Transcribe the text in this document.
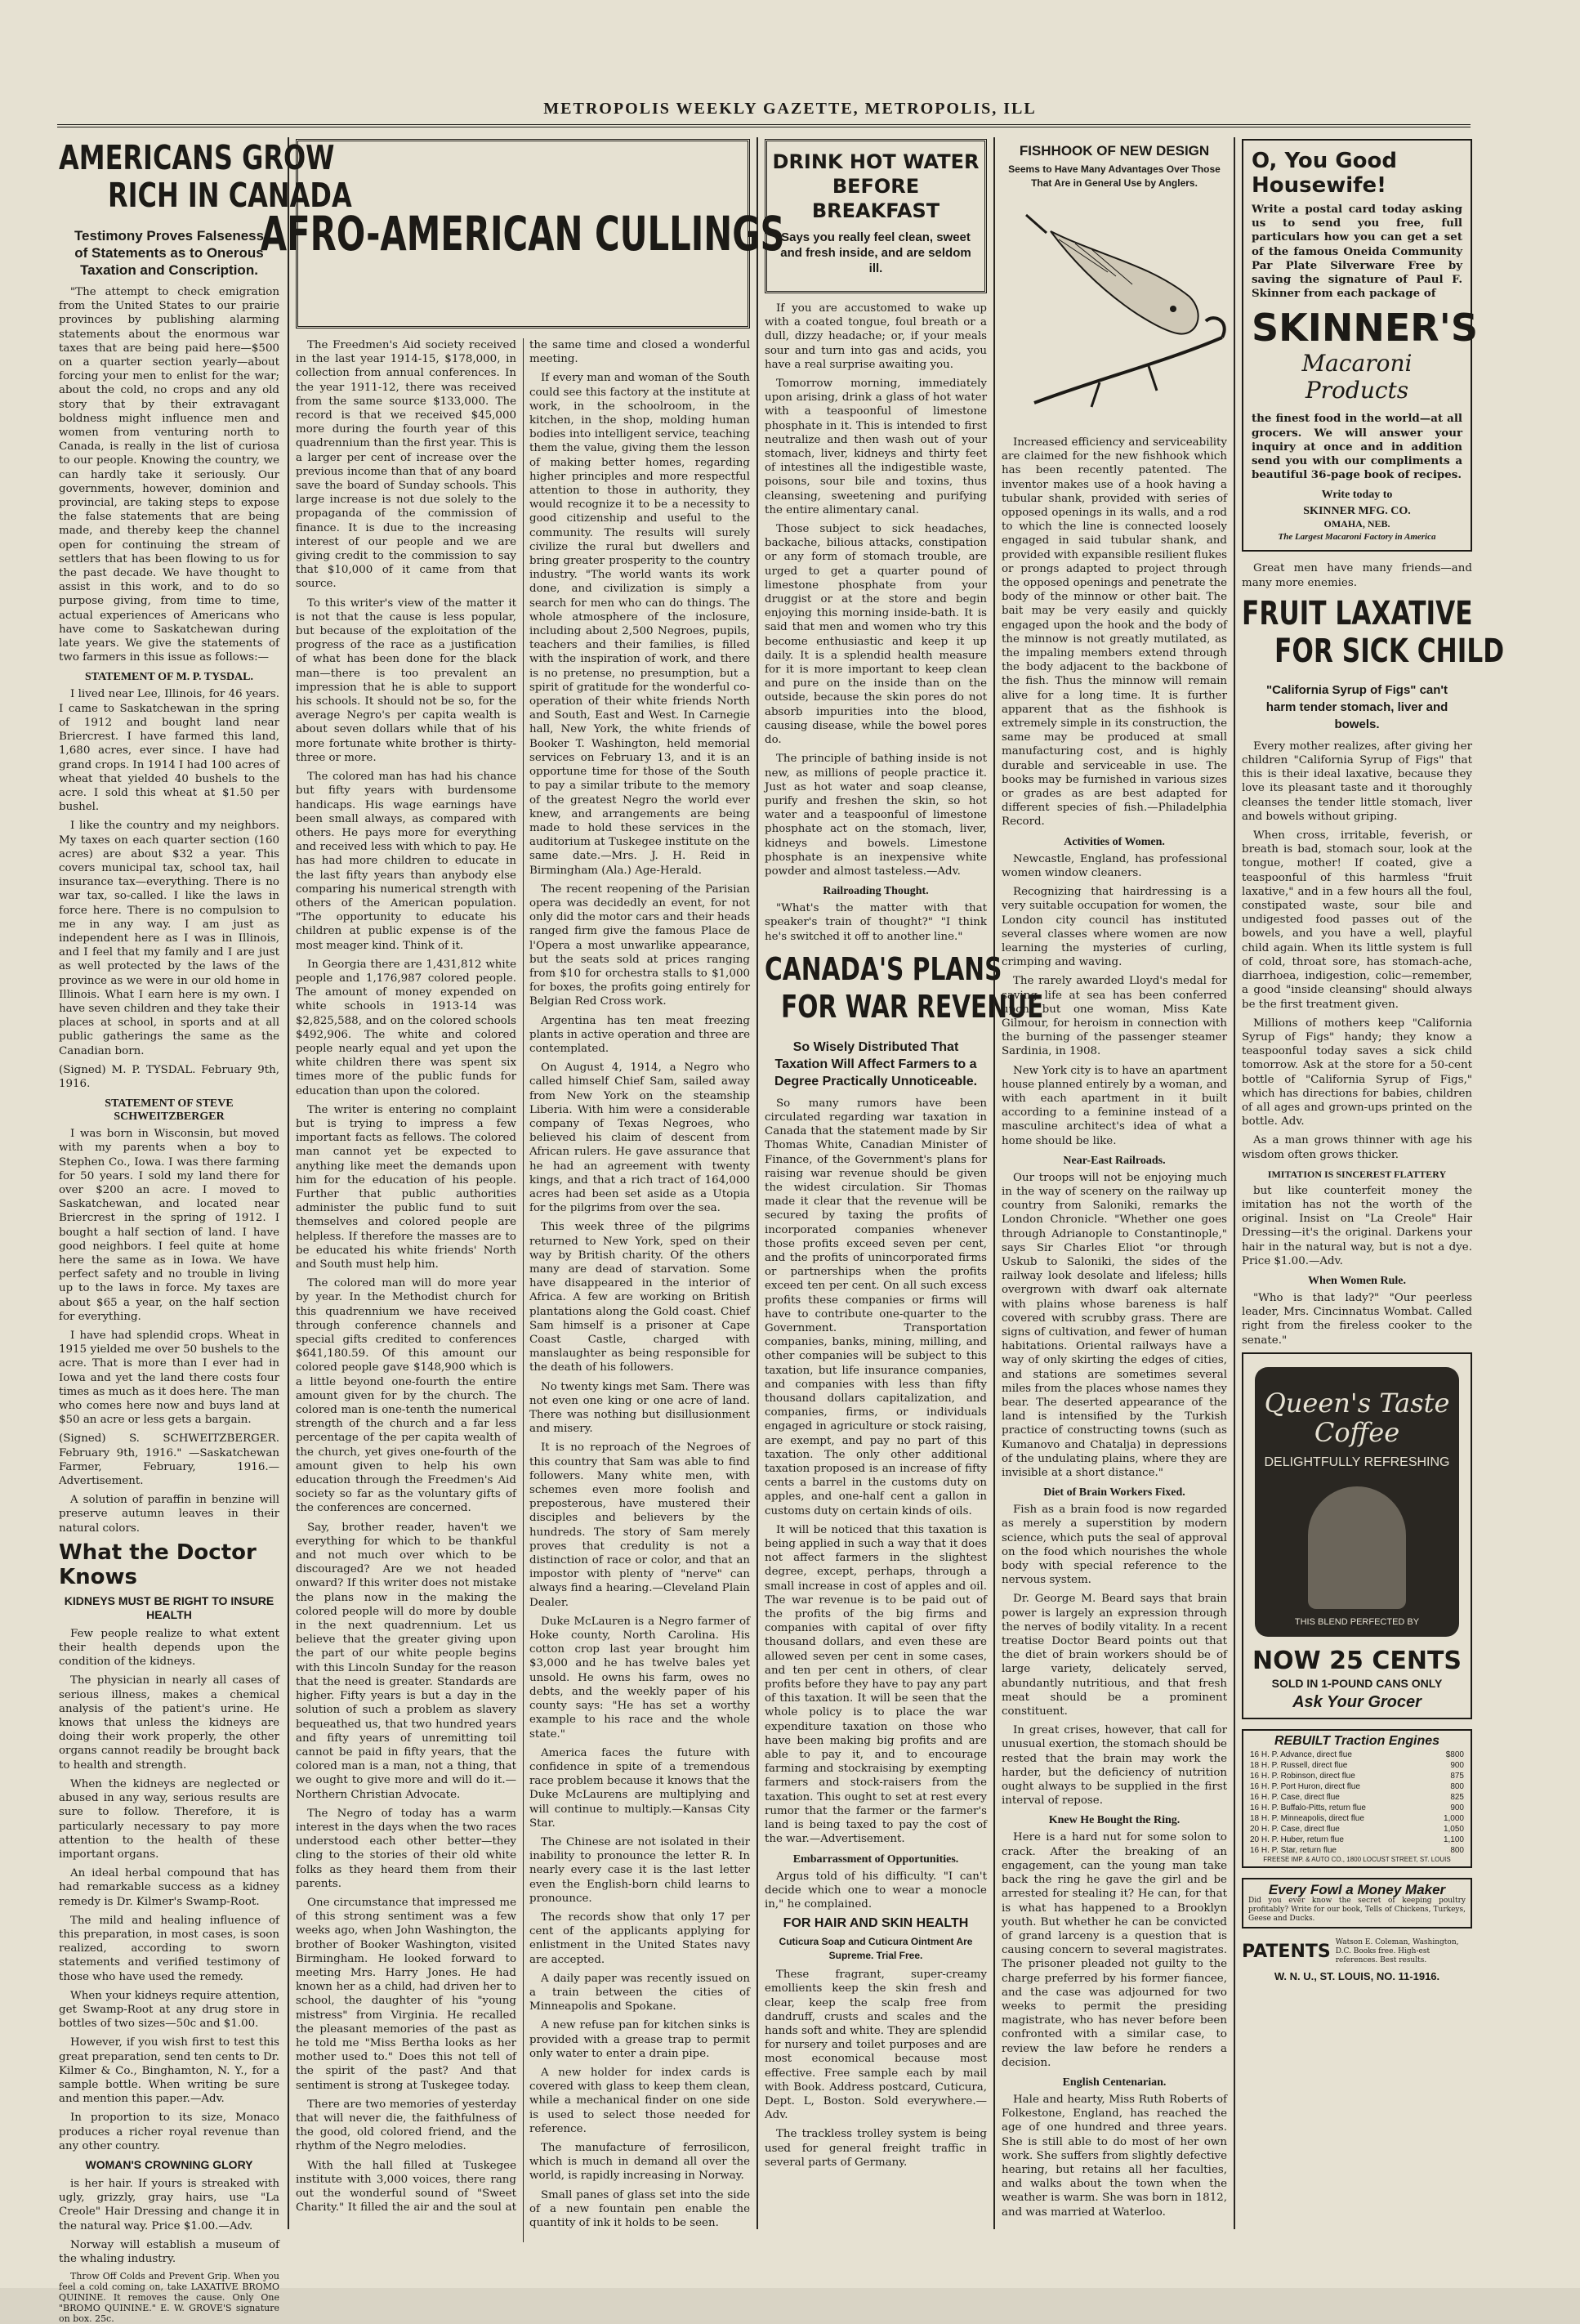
METROPOLIS WEEKLY GAZETTE, METROPOLIS, ILL
AMERICANS GROW
RICH IN CANADA
Testimony Proves Falseness of Statements as to Onerous Taxation and Conscription.

"The attempt to check emigration from the United States to our prairie provinces by publishing alarming statements about the enormous war taxes that are being paid here—$500 on a quarter section yearly—about forcing your men to enlist for the war; about the cold, no crops and any old story that by their extravagant boldness might influence men and women from venturing north to Canada, is really in the list of curiosa to our people. Knowing the country, we can hardly take it seriously. Our governments, however, dominion and provincial, are taking steps to expose the false statements that are being made, and thereby keep the channel open for continuing the stream of settlers that has been flowing to us for the past decade. We have thought to assist in this work, and to do so purpose giving, from time to time, actual experiences of Americans who have come to Saskatchewan during late years. We give the statements of two farmers in this issue as follows:—

STATEMENT OF M. P. TYSDAL.

I lived near Lee, Illinois, for 46 years. I came to Saskatchewan in the spring of 1912 and bought land near Briercrest. I have farmed this land, 1,680 acres, ever since. I have had grand crops. In 1914 I had 100 acres of wheat that yielded 40 bushels to the acre. I sold this wheat at $1.50 per bushel.

I like the country and my neighbors. My taxes on each quarter section (160 acres) are about $32 a year. This covers municipal tax, school tax, hail insurance tax—everything. There is no war tax, so-called. I like the laws in force here. There is no compulsion to me in any way. I am just as independent here as I was in Illinois, and I feel that my family and I are just as well protected by the laws of the province as we were in our old home in Illinois. What I earn here is my own. I have seven children and they take their places at school, in sports and at all public gatherings the same as the Canadian born.

(Signed) M. P. TYSDAL. February 9th, 1916.

STATEMENT OF STEVE SCHWEITZBERGER

I was born in Wisconsin, but moved with my parents when a boy to Stephen Co., Iowa. I was there farming for 50 years. I sold my land there for over $200 an acre. I moved to Saskatchewan, and located near Briercrest in the spring of 1912. I bought a half section of land. I have good neighbors. I feel quite at home here the same as in Iowa. We have perfect safety and no trouble in living up to the laws in force. My taxes are about $65 a year, on the half section for everything.

I have had splendid crops. Wheat in 1915 yielded me over 50 bushels to the acre. That is more than I ever had in Iowa and yet the land there costs four times as much as it does here. The man who comes here now and buys land at $50 an acre or less gets a bargain.

(Signed) S. SCHWEITZBERGER. February 9th, 1916." —Saskatchewan Farmer, February, 1916.—Advertisement.

A solution of paraffin in benzine will preserve autumn leaves in their natural colors.

What the Doctor Knows
KIDNEYS MUST BE RIGHT TO INSURE HEALTH

Few people realize to what extent their health depends upon the condition of the kidneys.

The physician in nearly all cases of serious illness, makes a chemical analysis of the patient's urine. He knows that unless the kidneys are doing their work properly, the other organs cannot readily be brought back to health and strength.

When the kidneys are neglected or abused in any way, serious results are sure to follow. Therefore, it is particularly necessary to pay more attention to the health of these important organs.

An ideal herbal compound that has had remarkable success as a kidney remedy is Dr. Kilmer's Swamp-Root.

The mild and healing influence of this preparation, in most cases, is soon realized, according to sworn statements and verified testimony of those who have used the remedy.

When your kidneys require attention, get Swamp-Root at any drug store in bottles of two sizes—50c and $1.00.

However, if you wish first to test this great preparation, send ten cents to Dr. Kilmer & Co., Binghamton, N. Y., for a sample bottle. When writing be sure and mention this paper.—Adv.

In proportion to its size, Monaco produces a richer royal revenue than any other country.

WOMAN'S CROWNING GLORY

is her hair. If yours is streaked with ugly, grizzly, gray hairs, use "La Creole" Hair Dressing and change it in the natural way. Price $1.00.—Adv.

Norway will establish a museum of the whaling industry.

Throw Off Colds and Prevent Grip. When you feel a cold coming on, take LAXATIVE BROMO QUININE. It removes the cause. Only One "BROMO QUININE." E. W. GROVE'S signature on box. 25c.

AFRO-AMERICAN CULLINGS

The Freedmen's Aid society received in the last year 1914-15, $178,000, in collection from annual conferences. In the year 1911-12, there was received from the same source $133,000. The record is that we received $45,000 more during the fourth year of this quadrennium than the first year. This is a larger per cent of increase over the previous income than that of any board save the board of Sunday schools. This large increase is not due solely to the propaganda of the commission of finance. It is due to the increasing interest of our people and we are giving credit to the commission to say that $10,000 of it came from that source.

To this writer's view of the matter it is not that the cause is less popular, but because of the exploitation of the progress of the race as a justification of what has been done for the black man—there is too prevalent an impression that he is able to support his schools. It should not be so, for the average Negro's per capita wealth is about seven dollars while that of his more fortunate white brother is thirty-three or more.

The colored man has had his chance but fifty years with burdensome handicaps. His wage earnings have been small always, as compared with others. He pays more for everything and received less with which to pay. He has had more children to educate in the last fifty years than anybody else comparing his numerical strength with others of the American population. "The opportunity to educate his children at public expense is of the most meager kind. Think of it.

In Georgia there are 1,431,812 white people and 1,176,987 colored people. The amount of money expended on white schools in 1913-14 was $2,825,588, and on the colored schools $492,906. The white and colored people nearly equal and yet upon the white children there was spent six times more of the public funds for education than upon the colored.

The writer is entering no complaint but is trying to impress a few important facts as fellows. The colored man cannot yet be expected to anything like meet the demands upon him for the education of his people. Further that public authorities administer the public fund to suit themselves and colored people are helpless. If therefore the masses are to be educated his white friends' North and South must help him.

The colored man will do more year by year. In the Methodist church for this quadrennium we have received through conference channels and special gifts credited to conferences $641,180.59. Of this amount our colored people gave $148,900 which is a little beyond one-fourth the entire amount given for by the church. The colored man is one-tenth the numerical strength of the church and a far less percentage of the per capita wealth of the church, yet gives one-fourth of the amount given to help his own education through the Freedmen's Aid society so far as the voluntary gifts of the conferences are concerned.

Say, brother reader, haven't we everything for which to be thankful and not much over which to be discouraged? Are we not headed onward? If this writer does not mistake the plans now in the making the colored people will do more by double in the next quadrennium. Let us believe that the greater giving upon the part of our white people begins with this Lincoln Sunday for the reason that the need is greater. Standards are higher. Fifty years is but a day in the solution of such a problem as slavery bequeathed us, that two hundred years and fifty years of unremitting toil cannot be paid in fifty years, that the colored man is a man, not a thing, that we ought to give more and will do it.—Northern Christian Advocate.

The Negro of today has a warm interest in the days when the two races understood each other better—they cling to the stories of their old white folks as they heard them from their parents.

One circumstance that impressed me of this strong sentiment was a few weeks ago, when John Washington, the brother of Booker Washington, visited Birmingham. He looked forward to meeting Mrs. Harry Jones. He had known her as a child, had driven her to school, the daughter of his "young mistress" from Virginia. He recalled the pleasant memories of the past as he told me "Miss Bertha looks as her mother used to." Does this not tell of the spirit of the past? And that sentiment is strong at Tuskegee today.

There are two memories of yesterday that will never die, the faithfulness of the good, old colored friend, and the rhythm of the Negro melodies.

With the hall filled at Tuskegee institute with 3,000 voices, there rang out the wonderful sound of "Sweet Charity." It filled the air and the soul at the same time and closed a wonderful meeting.

If every man and woman of the South could see this factory at the institute at work, in the schoolroom, in the kitchen, in the shop, molding human bodies into intelligent service, teaching them the value, giving them the lesson of making better homes, regarding higher principles and more respectful attention to those in authority, they would recognize it to be a necessity to good citizenship and useful to the community. The results will surely civilize the rural but dwellers and bring greater prosperity to the country industry. "The world wants its work done, and civilization is simply a search for men who can do things. The whole atmosphere of the inclosure, including about 2,500 Negroes, pupils, teachers and their families, is filled with the inspiration of work, and there is no pretense, no presumption, but a spirit of gratitude for the wonderful co-operation of their white friends North and South, East and West. In Carnegie hall, New York, the white friends of Booker T. Washington, held memorial services on February 13, and it is an opportune time for those of the South to pay a similar tribute to the memory of the greatest Negro the world ever knew, and arrangements are being made to hold these services in the auditorium at Tuskegee institute on the same date.—Mrs. J. H. Reid in Birmingham (Ala.) Age-Herald.

The recent reopening of the Parisian opera was decidedly an event, for not only did the motor cars and their heads ranged firm give the famous Place de l'Opera a most unwarlike appearance, but the seats sold at prices ranging from $10 for orchestra stalls to $1,000 for boxes, the profits going entirely for Belgian Red Cross work.

Argentina has ten meat freezing plants in active operation and three are contemplated.

On August 4, 1914, a Negro who called himself Chief Sam, sailed away from New York on the steamship Liberia. With him were a considerable company of Texas Negroes, who believed his claim of descent from African rulers. He gave assurance that he had an agreement with twenty kings, and that a rich tract of 164,000 acres had been set aside as a Utopia for the pilgrims from over the sea.

This week three of the pilgrims returned to New York, sped on their way by British charity. Of the others many are dead of starvation. Some have disappeared in the interior of Africa. A few are working on British plantations along the Gold coast. Chief Sam himself is a prisoner at Cape Coast Castle, charged with manslaughter as being responsible for the death of his followers.

No twenty kings met Sam. There was not even one king or one acre of land. There was nothing but disillusionment and misery.

It is no reproach of the Negroes of this country that Sam was able to find followers. Many white men, with schemes even more foolish and preposterous, have mustered their disciples and believers by the hundreds. The story of Sam merely proves that credulity is not a distinction of race or color, and that an impostor with plenty of "nerve" can always find a hearing.—Cleveland Plain Dealer.

Duke McLauren is a Negro farmer of Hoke county, North Carolina. His cotton crop last year brought him $3,000 and he has twelve bales yet unsold. He owns his farm, owes no debts, and the weekly paper of his county says: "He has set a worthy example to his race and the whole state."

America faces the future with confidence in spite of a tremendous race problem because it knows that the Duke McLaurens are multiplying and will continue to multiply.—Kansas City Star.

The Chinese are not isolated in their inability to pronounce the letter R. In nearly every case it is the last letter even the English-born child learns to pronounce.

The records show that only 17 per cent of the applicants applying for enlistment in the United States navy are accepted.

A daily paper was recently issued on a train between the cities of Minneapolis and Spokane.

A new refuse pan for kitchen sinks is provided with a grease trap to permit only water to enter a drain pipe.

A new holder for index cards is covered with glass to keep them clean, while a mechanical finder on one side is used to select those needed for reference.

The manufacture of ferrosilicon, which is much in demand all over the world, is rapidly increasing in Norway.

Small panes of glass set into the side of a new fountain pen enable the quantity of ink it holds to be seen.

DRINK HOT WATER
BEFORE BREAKFAST
Says you really feel clean, sweet and fresh inside, and are seldom ill.

If you are accustomed to wake up with a coated tongue, foul breath or a dull, dizzy headache; or, if your meals sour and turn into gas and acids, you have a real surprise awaiting you.

Tomorrow morning, immediately upon arising, drink a glass of hot water with a teaspoonful of limestone phosphate in it. This is intended to first neutralize and then wash out of your stomach, liver, kidneys and thirty feet of intestines all the indigestible waste, poisons, sour bile and toxins, thus cleansing, sweetening and purifying the entire alimentary canal.

Those subject to sick headaches, backache, bilious attacks, constipation or any form of stomach trouble, are urged to get a quarter pound of limestone phosphate from your druggist or at the store and begin enjoying this morning inside-bath. It is said that men and women who try this become enthusiastic and keep it up daily. It is a splendid health measure for it is more important to keep clean and pure on the inside than on the outside, because the skin pores do not absorb impurities into the blood, causing disease, while the bowel pores do.

The principle of bathing inside is not new, as millions of people practice it. Just as hot water and soap cleanse, purify and freshen the skin, so hot water and a teaspoonful of limestone phosphate act on the stomach, liver, kidneys and bowels. Limestone phosphate is an inexpensive white powder and almost tasteless.—Adv.

Railroading Thought.

"What's the matter with that speaker's train of thought?" "I think he's switched it off to another line."

CANADA'S PLANS
FOR WAR REVENUE
So Wisely Distributed That Taxation Will Affect Farmers to a Degree Practically Unnoticeable.

So many rumors have been circulated regarding war taxation in Canada that the statement made by Sir Thomas White, Canadian Minister of Finance, of the Government's plans for raising war revenue should be given the widest circulation. Sir Thomas made it clear that the revenue will be secured by taxing the profits of incorporated companies whenever those profits exceed seven per cent, and the profits of unincorporated firms or partnerships when the profits exceed ten per cent. On all such excess profits these companies or firms will have to contribute one-quarter to the Government. Transportation companies, banks, mining, milling, and other companies will be subject to this taxation, but life insurance companies, and companies with less than fifty thousand dollars capitalization, and companies, firms, or individuals engaged in agriculture or stock raising, are exempt, and pay no part of this taxation. The only other additional taxation proposed is an increase of fifty cents a barrel in the customs duty on apples, and one-half cent a gallon in customs duty on certain kinds of oils.

It will be noticed that this taxation is being applied in such a way that it does not affect farmers in the slightest degree, except, perhaps, through a small increase in cost of apples and oil. The war revenue is to be paid out of the profits of the big firms and companies with capital of over fifty thousand dollars, and even these are allowed seven per cent in some cases, and ten per cent in others, of clear profits before they have to pay any part of this taxation. It will be seen that the whole policy is to place the war expenditure taxation on those who have been making big profits and are able to pay it, and to encourage farming and stockraising by exempting farmers and stock-raisers from the taxation. This ought to set at rest every rumor that the farmer or the farmer's land is being taxed to pay the cost of the war.—Advertisement.

Embarrassment of Opportunities.

Argus told of his difficulty. "I can't decide which one to wear a monocle in," he complained.

FOR HAIR AND SKIN HEALTH
Cuticura Soap and Cuticura Ointment Are Supreme. Trial Free.

These fragrant, super-creamy emollients keep the skin fresh and clear, keep the scalp free from dandruff, crusts and scales and the hands soft and white. They are splendid for nursery and toilet purposes and are most economical because most effective. Free sample each by mail with Book. Address postcard, Cuticura, Dept. L, Boston. Sold everywhere.—Adv.

The trackless trolley system is being used for general freight traffic in several parts of Germany.

FISHHOOK OF NEW DESIGN
Seems to Have Many Advantages Over Those That Are in General Use by Anglers.

Increased efficiency and serviceability are claimed for the new fishhook which has been recently patented. The inventor makes use of a hook having a tubular shank, provided with series of opposed openings in its walls, and a rod to which the line is connected loosely engaged in said tubular shank, and provided with expansible resilient flukes or prongs adapted to project through the opposed openings and penetrate the body of the minnow or other bait. The bait may be very easily and quickly engaged upon the hook and the body of the minnow is not greatly mutilated, as the impaling members extend through the body adjacent to the backbone of the fish. Thus the minnow will remain alive for a long time. It is further apparent that as the fishhook is extremely simple in its construction, the same may be produced at small manufacturing cost, and is highly durable and serviceable in use. The books may be furnished in various sizes or grades as are best adapted for different species of fish.—Philadelphia Record.

Activities of Women.

Newcastle, England, has professional women window cleaners.

Recognizing that hairdressing is a very suitable occupation for women, the London city council has instituted several classes where women are now learning the mysteries of curling, crimping and waving.

The rarely awarded Lloyd's medal for saving life at sea has been conferred upon but one woman, Miss Kate Gilmour, for heroism in connection with the burning of the passenger steamer Sardinia, in 1908.

New York city is to have an apartment house planned entirely by a woman, and with each apartment in it built according to a feminine instead of a masculine architect's idea of what a home should be like.

Near-East Railroads.

Our troops will not be enjoying much in the way of scenery on the railway up country from Saloniki, remarks the London Chronicle. "Whether one goes through Adrianople to Constantinople," says Sir Charles Eliot "or through Uskub to Saloniki, the sides of the railway look desolate and lifeless; hills overgrown with dwarf oak alternate with plains whose bareness is half covered with scrubby grass. There are signs of cultivation, and fewer of human habitations. Oriental railways have a way of only skirting the edges of cities, and stations are sometimes several miles from the places whose names they bear. The deserted appearance of the land is intensified by the Turkish practice of constructing towns (such as Kumanovo and Chatalja) in depressions of the undulating plains, where they are invisible at a short distance."

Diet of Brain Workers Fixed.

Fish as a brain food is now regarded as merely a superstition by modern science, which puts the seal of approval on the food which nourishes the whole body with special reference to the nervous system.

Dr. George M. Beard says that brain power is largely an expression through the nerves of bodily vitality. In a recent treatise Doctor Beard points out that the diet of brain workers should be of large variety, delicately served, abundantly nutritious, and that fresh meat should be a prominent constituent.

In great crises, however, that call for unusual exertion, the stomach should be rested that the brain may work the harder, but the deficiency of nutrition ought always to be supplied in the first interval of repose.

Knew He Bought the Ring.

Here is a hard nut for some solon to crack. After the breaking of an engagement, can the young man take back the ring he gave the girl and be arrested for stealing it? He can, for that is what has happened to a Brooklyn youth. But whether he can be convicted of grand larceny is a question that is causing concern to several magistrates. The prisoner pleaded not guilty to the charge preferred by his former fiancee, and the case was adjourned for two weeks to permit the presiding magistrate, who has never before been confronted with a similar case, to review the law before he renders a decision.

English Centenarian.

Hale and hearty, Miss Ruth Roberts of Folkestone, England, has reached the age of one hundred and three years. She is still able to do most of her own work. She suffers from slightly defective hearing, but retains all her faculties, and walks about the town when the weather is warm. She was born in 1812, and was married at Waterloo.

O, You Good
Housewife!

Write a postal card today asking us to send you free, full particulars how you can get a set of the famous Oneida Community Par Plate Silverware Free by saving the signature of Paul F. Skinner from each package of

SKINNER'S
Macaroni Products

the finest food in the world—at all grocers. We will answer your inquiry at once and in addition send you with our compliments a beautiful 36-page book of recipes.

Write today to
SKINNER MFG. CO.
OMAHA, NEB.
The Largest Macaroni Factory in America

Great men have many friends—and many more enemies.

FRUIT LAXATIVE
FOR SICK CHILD
"California Syrup of Figs" can't harm tender stomach, liver and bowels.

Every mother realizes, after giving her children "California Syrup of Figs" that this is their ideal laxative, because they love its pleasant taste and it thoroughly cleanses the tender little stomach, liver and bowels without griping.

When cross, irritable, feverish, or breath is bad, stomach sour, look at the tongue, mother! If coated, give a teaspoonful of this harmless "fruit laxative," and in a few hours all the foul, constipated waste, sour bile and undigested food passes out of the bowels, and you have a well, playful child again. When its little system is full of cold, throat sore, has stomach-ache, diarrhoea, indigestion, colic—remember, a good "inside cleansing" should always be the first treatment given.

Millions of mothers keep "California Syrup of Figs" handy; they know a teaspoonful today saves a sick child tomorrow. Ask at the store for a 50-cent bottle of "California Syrup of Figs," which has directions for babies, children of all ages and grown-ups printed on the bottle. Adv.

As a man grows thinner with age his wisdom often grows thicker.

IMITATION IS SINCEREST FLATTERY

but like counterfeit money the imitation has not the worth of the original. Insist on "La Creole" Hair Dressing—it's the original. Darkens your hair in the natural way, but is not a dye. Price $1.00.—Adv.

When Women Rule.

"Who is that lady?" "Our peerless leader, Mrs. Cincinnatus Wombat. Called right from the fireless cooker to the senate."

Queen's Taste
Coffee
DELIGHTFULLY REFRESHING
THIS BLEND PERFECTED BY
NOW 25 CENTS
SOLD IN 1-POUND CANS ONLY
Ask Your Grocer
REBUILT Traction Engines
16 H. P. Advance, direct flue	$800
18 H. P. Russell, direct flue	900
16 H. P. Robinson, direct flue	875
16 H. P. Port Huron, direct flue	800
16 H. P. Case, direct flue	825
16 H. P. Buffalo-Pitts, return flue	900
18 H. P. Minneapolis, direct flue	1,000
20 H. P. Case, direct flue	1,050
20 H. P. Huber, return flue	1,100
16 H. P. Star, return flue	800
FREESE IMP. & AUTO CO., 1800 LOCUST STREET, ST. LOUIS
Every Fowl a Money Maker

Did you ever know the secret of keeping poultry profitably? Write for our book, Tells of Chickens, Turkeys, Geese and Ducks.

PATENTS Watson E. Coleman, Washington, D.C. Books free. High-est references. Best results.
W. N. U., ST. LOUIS, NO. 11-1916.
